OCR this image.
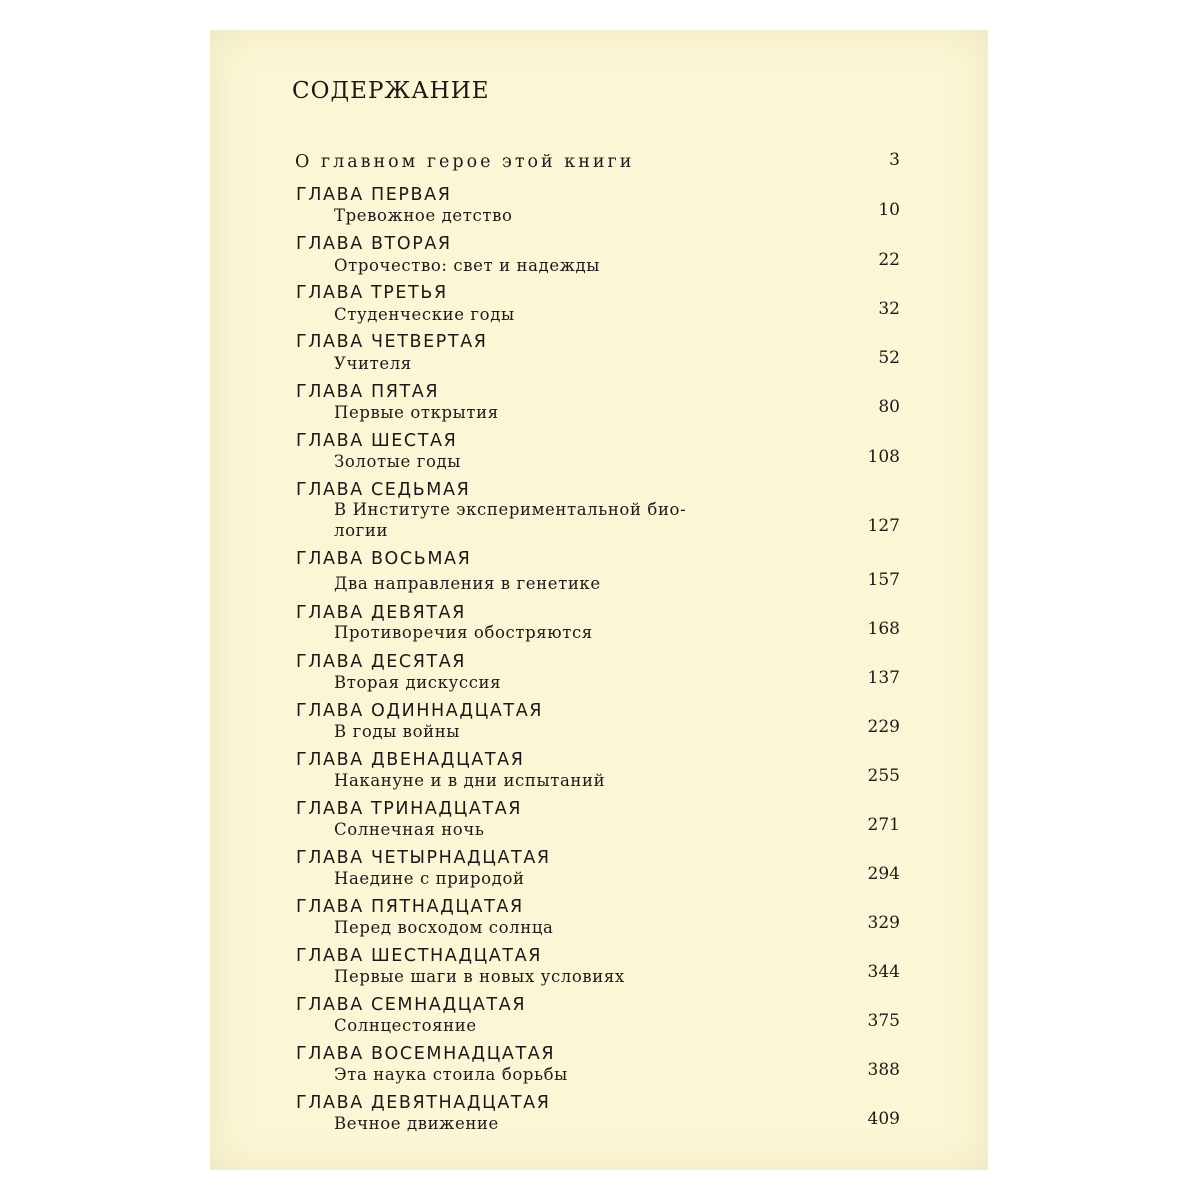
СОДЕРЖАНИЕ
О главном герое этой книги	3
ГЛАВА ПЕРВАЯ
Тревожное детство	10
ГЛАВА ВТОРАЯ
Отрочество: свет и надежды	22
ГЛАВА ТРЕТЬЯ
Студенческие годы	32
ГЛАВА ЧЕТВЕРТАЯ
Учителя	52
ГЛАВА ПЯТАЯ
Первые открытия	80
ГЛАВА ШЕСТАЯ
Золотые годы	108
ГЛАВА СЕДЬМАЯ
В Институте экспериментальной био-логии	127
ГЛАВА ВОСЬМАЯ
Два направления в генетике	157
ГЛАВА ДЕВЯТАЯ
Противоречия обостряются	168
ГЛАВА ДЕСЯТАЯ
Вторая дискуссия	137
ГЛАВА ОДИННАДЦАТАЯ
В годы войны	229
ГЛАВА ДВЕНАДЦАТАЯ
Накануне и в дни испытаний	255
ГЛАВА ТРИНАДЦАТАЯ
Солнечная ночь	271
ГЛАВА ЧЕТЫРНАДЦАТАЯ
Наедине с природой	294
ГЛАВА ПЯТНАДЦАТАЯ
Перед восходом солнца	329
ГЛАВА ШЕСТНАДЦАТАЯ
Первые шаги в новых условиях	344
ГЛАВА СЕМНАДЦАТАЯ
Солнцестояние	375
ГЛАВА ВОСЕМНАДЦАТАЯ
Эта наука стоила борьбы	388
ГЛАВА ДЕВЯТНАДЦАТАЯ
Вечное движение	409
